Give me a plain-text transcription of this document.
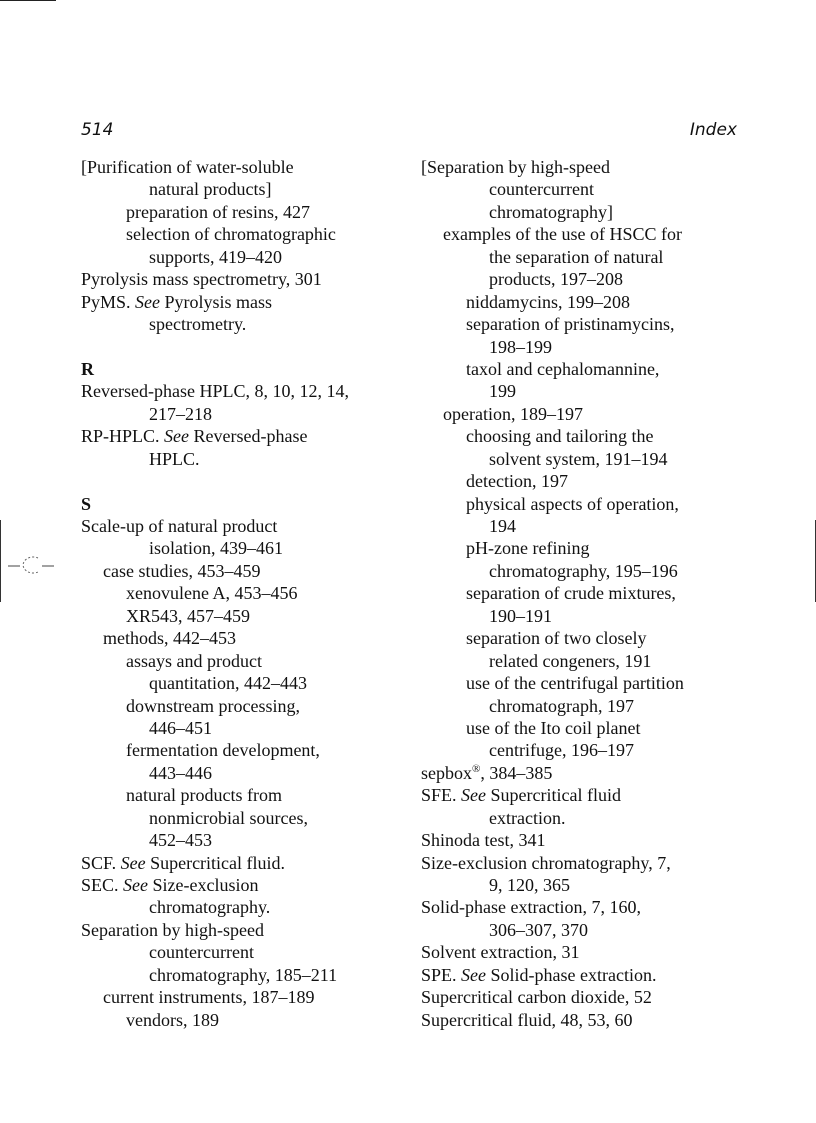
514	Index
[Purification of water-soluble
natural products]
preparation of resins, 427
selection of chromatographic
supports, 419–420
Pyrolysis mass spectrometry, 301
PyMS. See Pyrolysis mass
spectrometry.
R
Reversed-phase HPLC, 8, 10, 12, 14,
217–218
RP-HPLC. See Reversed-phase
HPLC.
S
Scale-up of natural product
isolation, 439–461
case studies, 453–459
xenovulene A, 453–456
XR543, 457–459
methods, 442–453
assays and product
quantitation, 442–443
downstream processing,
446–451
fermentation development,
443–446
natural products from
nonmicrobial sources,
452–453
SCF. See Supercritical fluid.
SEC. See Size-exclusion
chromatography.
Separation by high-speed
countercurrent
chromatography, 185–211
current instruments, 187–189
vendors, 189
[Separation by high-speed
countercurrent
chromatography]
examples of the use of HSCC for
the separation of natural
products, 197–208
niddamycins, 199–208
separation of pristinamycins,
198–199
taxol and cephalomannine,
199
operation, 189–197
choosing and tailoring the
solvent system, 191–194
detection, 197
physical aspects of operation,
194
pH-zone refining
chromatography, 195–196
separation of crude mixtures,
190–191
separation of two closely
related congeners, 191
use of the centrifugal partition
chromatograph, 197
use of the Ito coil planet
centrifuge, 196–197
sepbox®, 384–385
SFE. See Supercritical fluid
extraction.
Shinoda test, 341
Size-exclusion chromatography, 7,
9, 120, 365
Solid-phase extraction, 7, 160,
306–307, 370
Solvent extraction, 31
SPE. See Solid-phase extraction.
Supercritical carbon dioxide, 52
Supercritical fluid, 48, 53, 60
